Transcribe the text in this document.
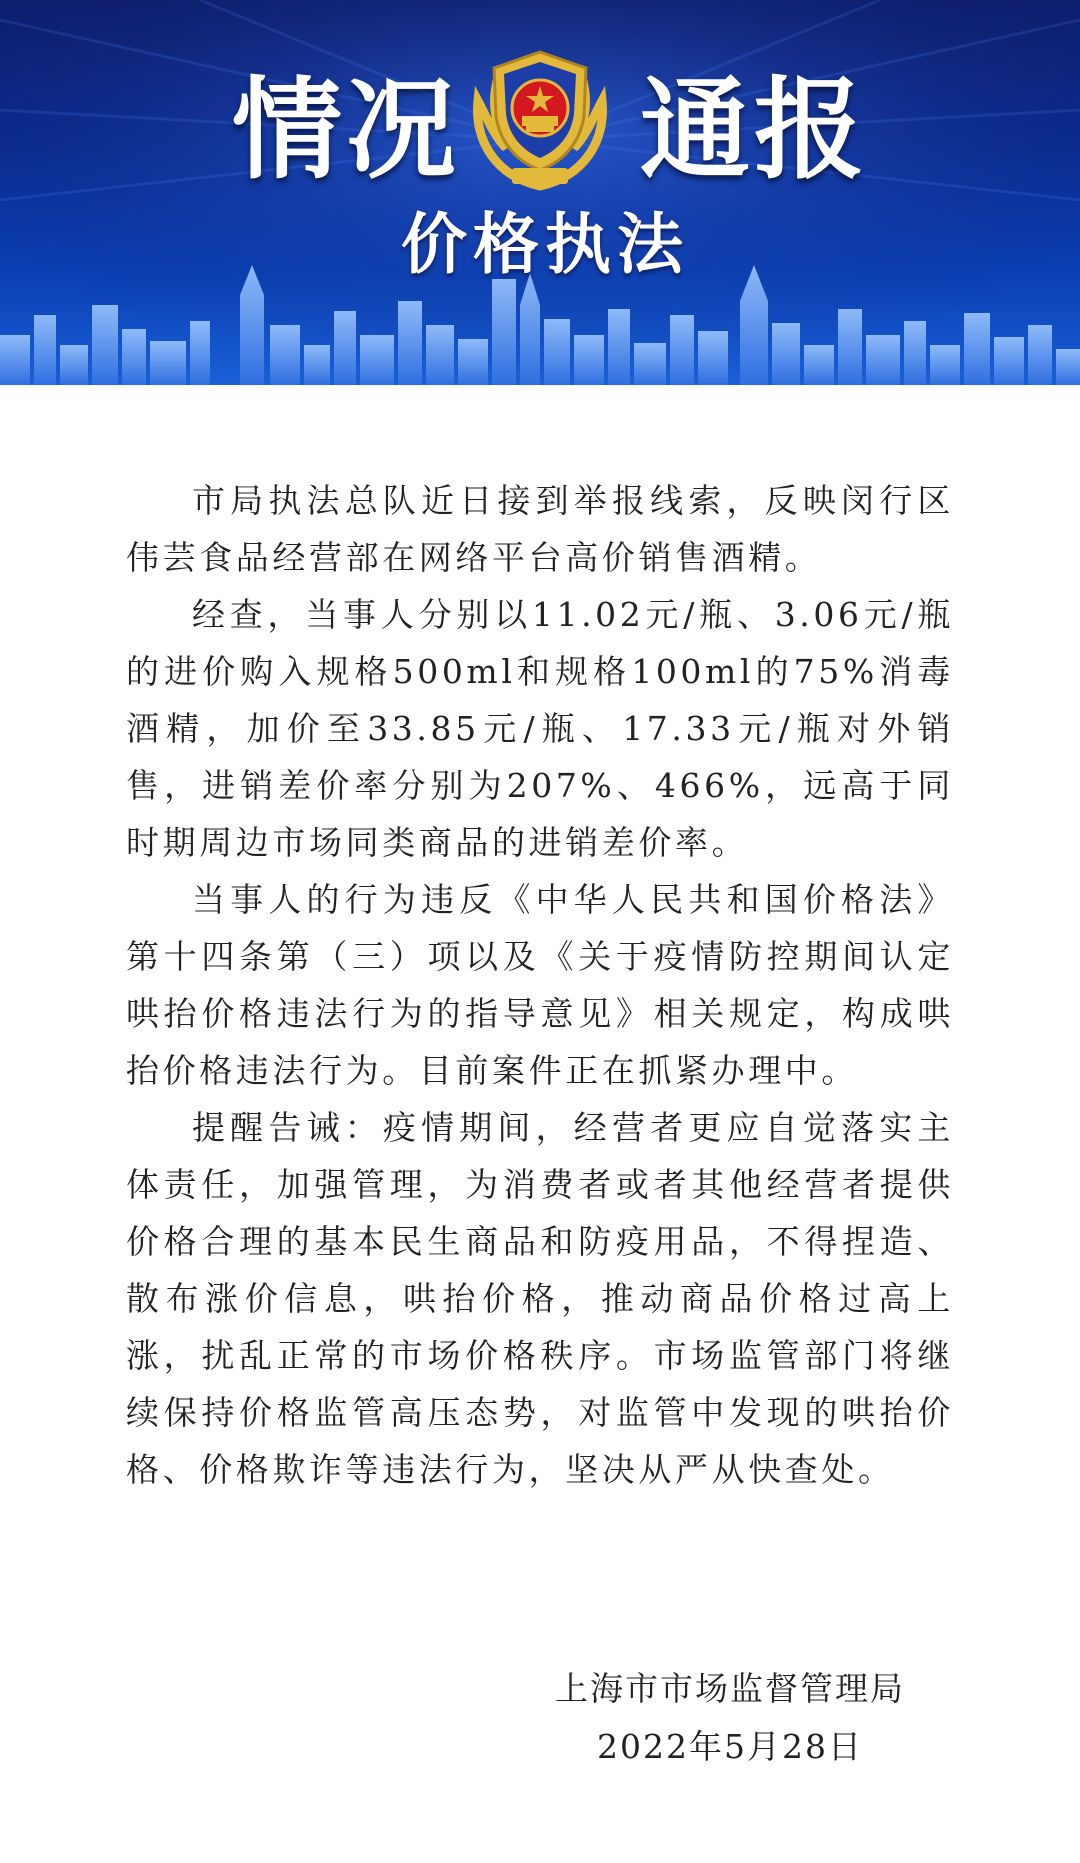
情况 通报
价格执法

市局执法总队近日接到举报线索，反映闵行区伟芸食品经营部在网络平台高价销售酒精。

经查，当事人分别以11.02元/瓶、3.06元/瓶的进价购入规格500ml和规格100ml的75%消毒酒精，加价至33.85元/瓶、17.33元/瓶对外销售，进销差价率分别为207%、466%，远高于同时期周边市场同类商品的进销差价率。

当事人的行为违反《中华人民共和国价格法》第十四条第（三）项以及《关于疫情防控期间认定哄抬价格违法行为的指导意见》相关规定，构成哄抬价格违法行为。目前案件正在抓紧办理中。

提醒告诫：疫情期间，经营者更应自觉落实主体责任，加强管理，为消费者或者其他经营者提供价格合理的基本民生商品和防疫用品，不得捏造、散布涨价信息，哄抬价格，推动商品价格过高上涨，扰乱正常的市场价格秩序。市场监管部门将继续保持价格监管高压态势，对监管中发现的哄抬价格、价格欺诈等违法行为，坚决从严从快查处。

上海市市场监督管理局
2022年5月28日
